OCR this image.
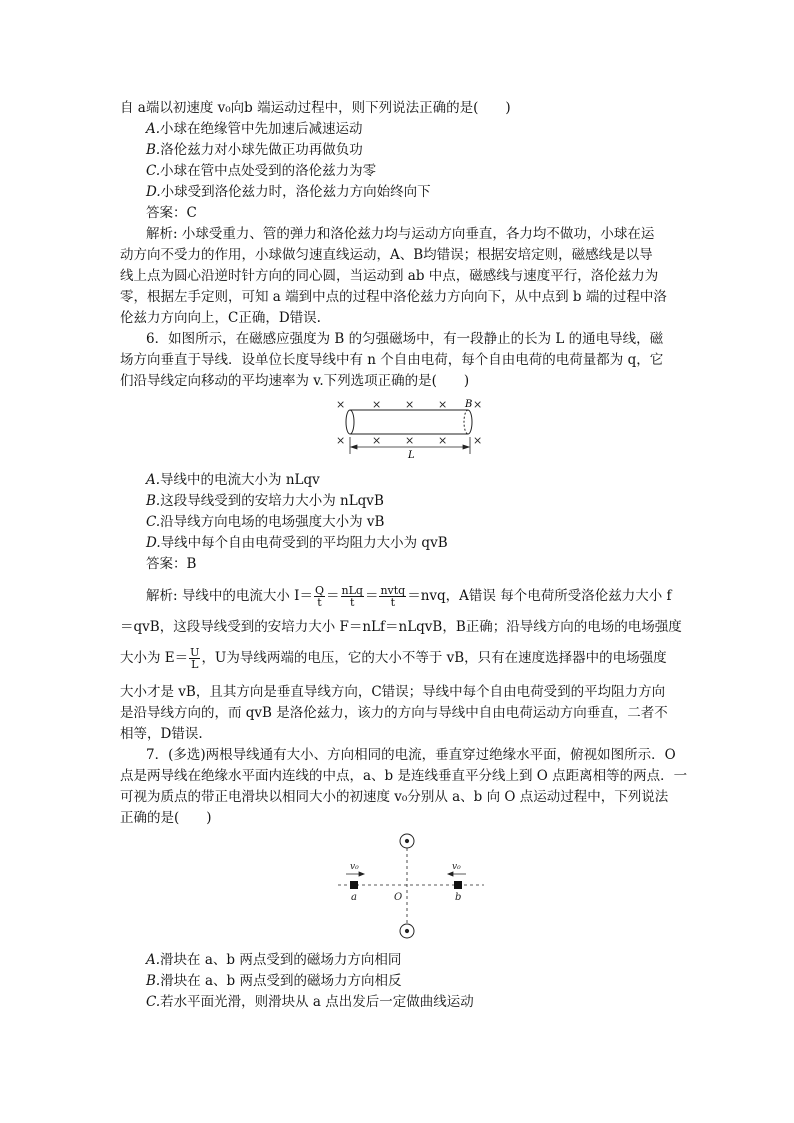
自 a端以初速度 v₀向b 端运动过程中，则下列说法正确的是(　　)
A.小球在绝缘管中先加速后减速运动
B.洛伦兹力对小球先做正功再做负功
C.小球在管中点处受到的洛伦兹力为零
D.小球受到洛伦兹力时，洛伦兹力方向始终向下
答案：C
解析: 小球受重力、管的弹力和洛伦兹力均与运动方向垂直，各力均不做功，小球在运
动方向不受力的作用，小球做匀速直线运动，A、B均错误；根据安培定则，磁感线是以导
线上点为圆心沿逆时针方向的同心圆，当运动到 ab 中点，磁感线与速度平行，洛伦兹力为
零，根据左手定则，可知 a 端到中点的过程中洛伦兹力方向向下，从中点到 b 端的过程中洛
伦兹力方向向上，C正确，D错误.
6．如图所示，在磁感应强度为 B 的匀强磁场中，有一段静止的长为 L 的通电导线，磁
场方向垂直于导线．设单位长度导线中有 n 个自由电荷，每个自由电荷的电荷量都为 q，它
们沿导线定向移动的平均速率为 v.下列选项正确的是(　　)
× × × × ×
× × × × ×
B
L
A.导线中的电流大小为 nLqv
B.这段导线受到的安培力大小为 nLqvB
C.沿导线方向电场的电场强度大小为 vB
D.导线中每个自由电荷受到的平均阻力大小为 qvB
答案：B
解析: 导线中的电流大小 $I= \frac{Q}{t} = \frac{\text{nLq}}{t} = \frac{\text{nvtq}}{t} =nvq$，A错误 每个电荷所受洛伦兹力大小 f
＝qvB，这段导线受到的安培力大小 F＝nLf＝nLqvB，B正确；沿导线方向的电场的电场强度
大小为 $E= \frac{U}{L}$ ，U为导线两端的电压，它的大小不等于 vB，只有在速度选择器中的电场强度
大小才是 vB，且其方向是垂直导线方向，C错误；导线中每个自由电荷受到的平均阻力方向
是沿导线方向的，而 qvB 是洛伦兹力，该力的方向与导线中自由电荷运动方向垂直，二者不
相等，D错误.
7．(多选)两根导线通有大小、方向相同的电流，垂直穿过绝缘水平面，俯视如图所示．O
点是两导线在绝缘水平面内连线的中点，a、b 是连线垂直平分线上到 O 点距离相等的两点．一
可视为质点的带正电滑块以相同大小的初速度 v₀分别从 a、b 向 O 点运动过程中，下列说法
正确的是(　　)
v₀	v₀
a	O	b
A.滑块在 a、b 两点受到的磁场力方向相同
B.滑块在 a、b 两点受到的磁场力方向相反
C.若水平面光滑，则滑块从 a 点出发后一定做曲线运动
